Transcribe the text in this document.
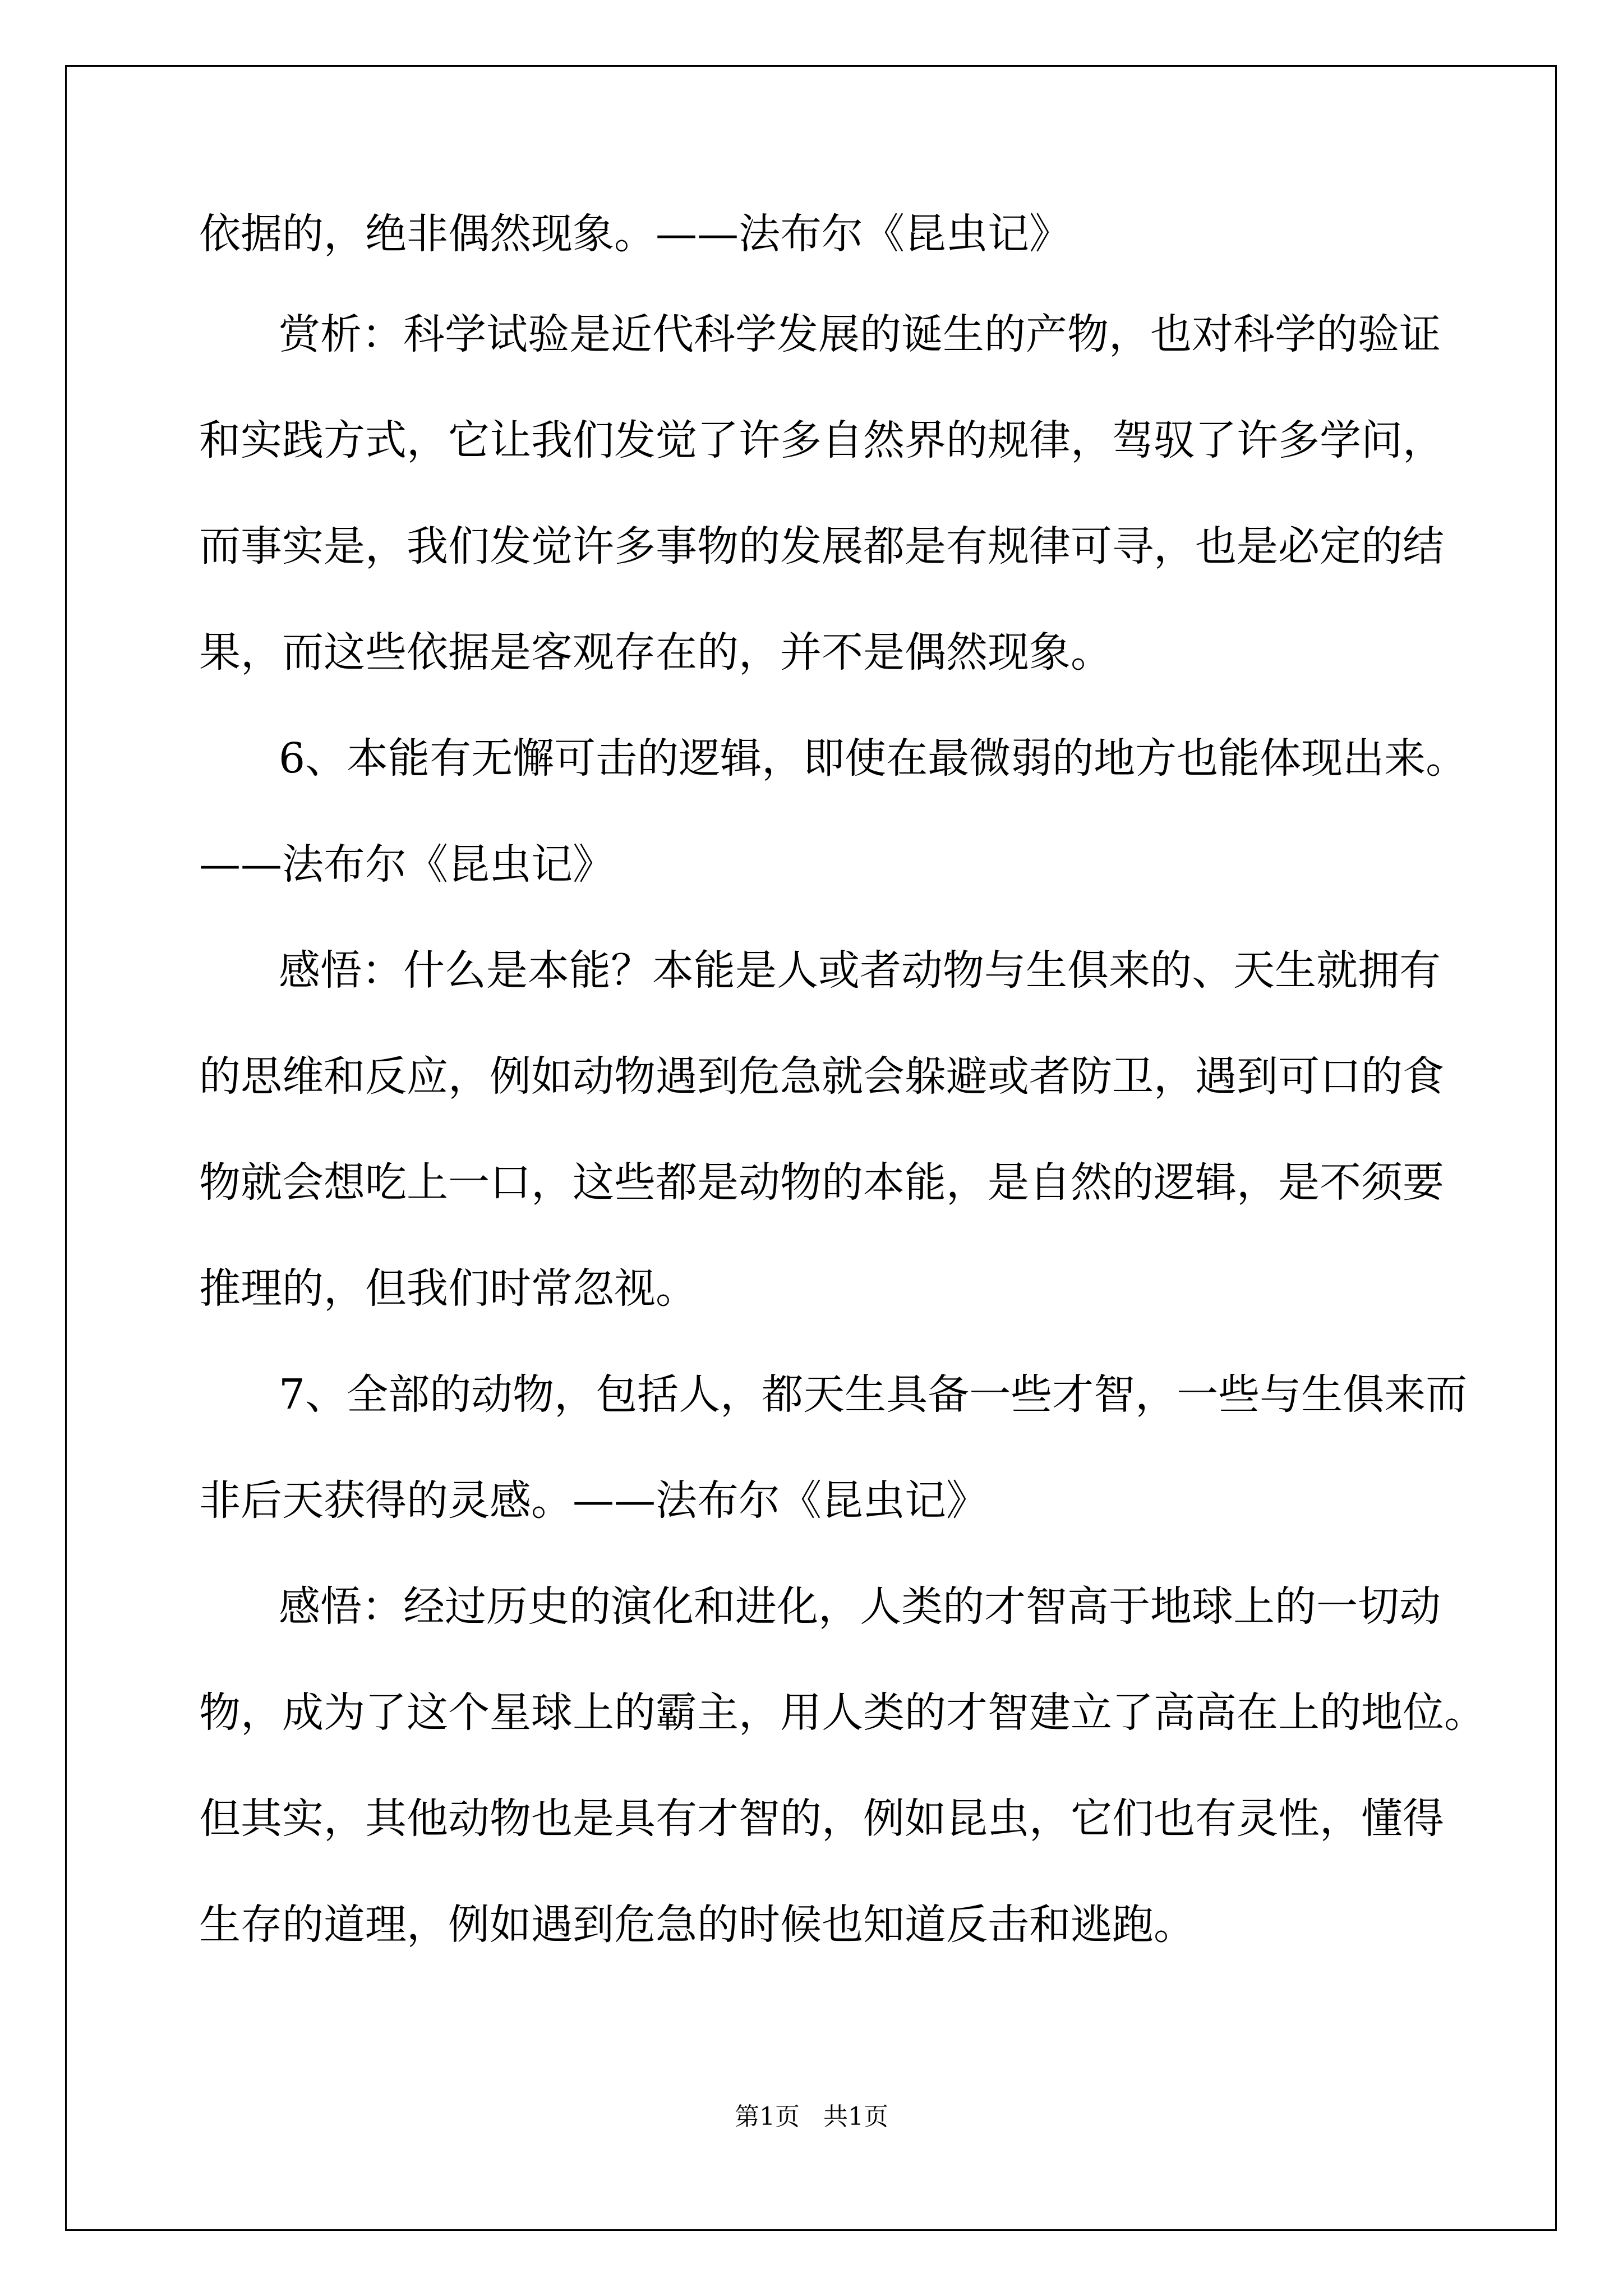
依据的，绝非偶然现象。——法布尔《昆虫记》

赏析：科学试验是近代科学发展的诞生的产物，也对科学的验证

和实践方式，它让我们发觉了许多自然界的规律，驾驭了许多学问，

而事实是，我们发觉许多事物的发展都是有规律可寻，也是必定的结

果，而这些依据是客观存在的，并不是偶然现象。

6、本能有无懈可击的逻辑，即使在最微弱的地方也能体现出来。

——法布尔《昆虫记》

感悟：什么是本能？本能是人或者动物与生俱来的、天生就拥有

的思维和反应，例如动物遇到危急就会躲避或者防卫，遇到可口的食

物就会想吃上一口，这些都是动物的本能，是自然的逻辑，是不须要

推理的，但我们时常忽视。

7、全部的动物，包括人，都天生具备一些才智，一些与生俱来而

非后天获得的灵感。——法布尔《昆虫记》

感悟：经过历史的演化和进化，人类的才智高于地球上的一切动

物，成为了这个星球上的霸主，用人类的才智建立了高高在上的地位。

但其实，其他动物也是具有才智的，例如昆虫，它们也有灵性，懂得

生存的道理，例如遇到危急的时候也知道反击和逃跑。

第1页   共1页
